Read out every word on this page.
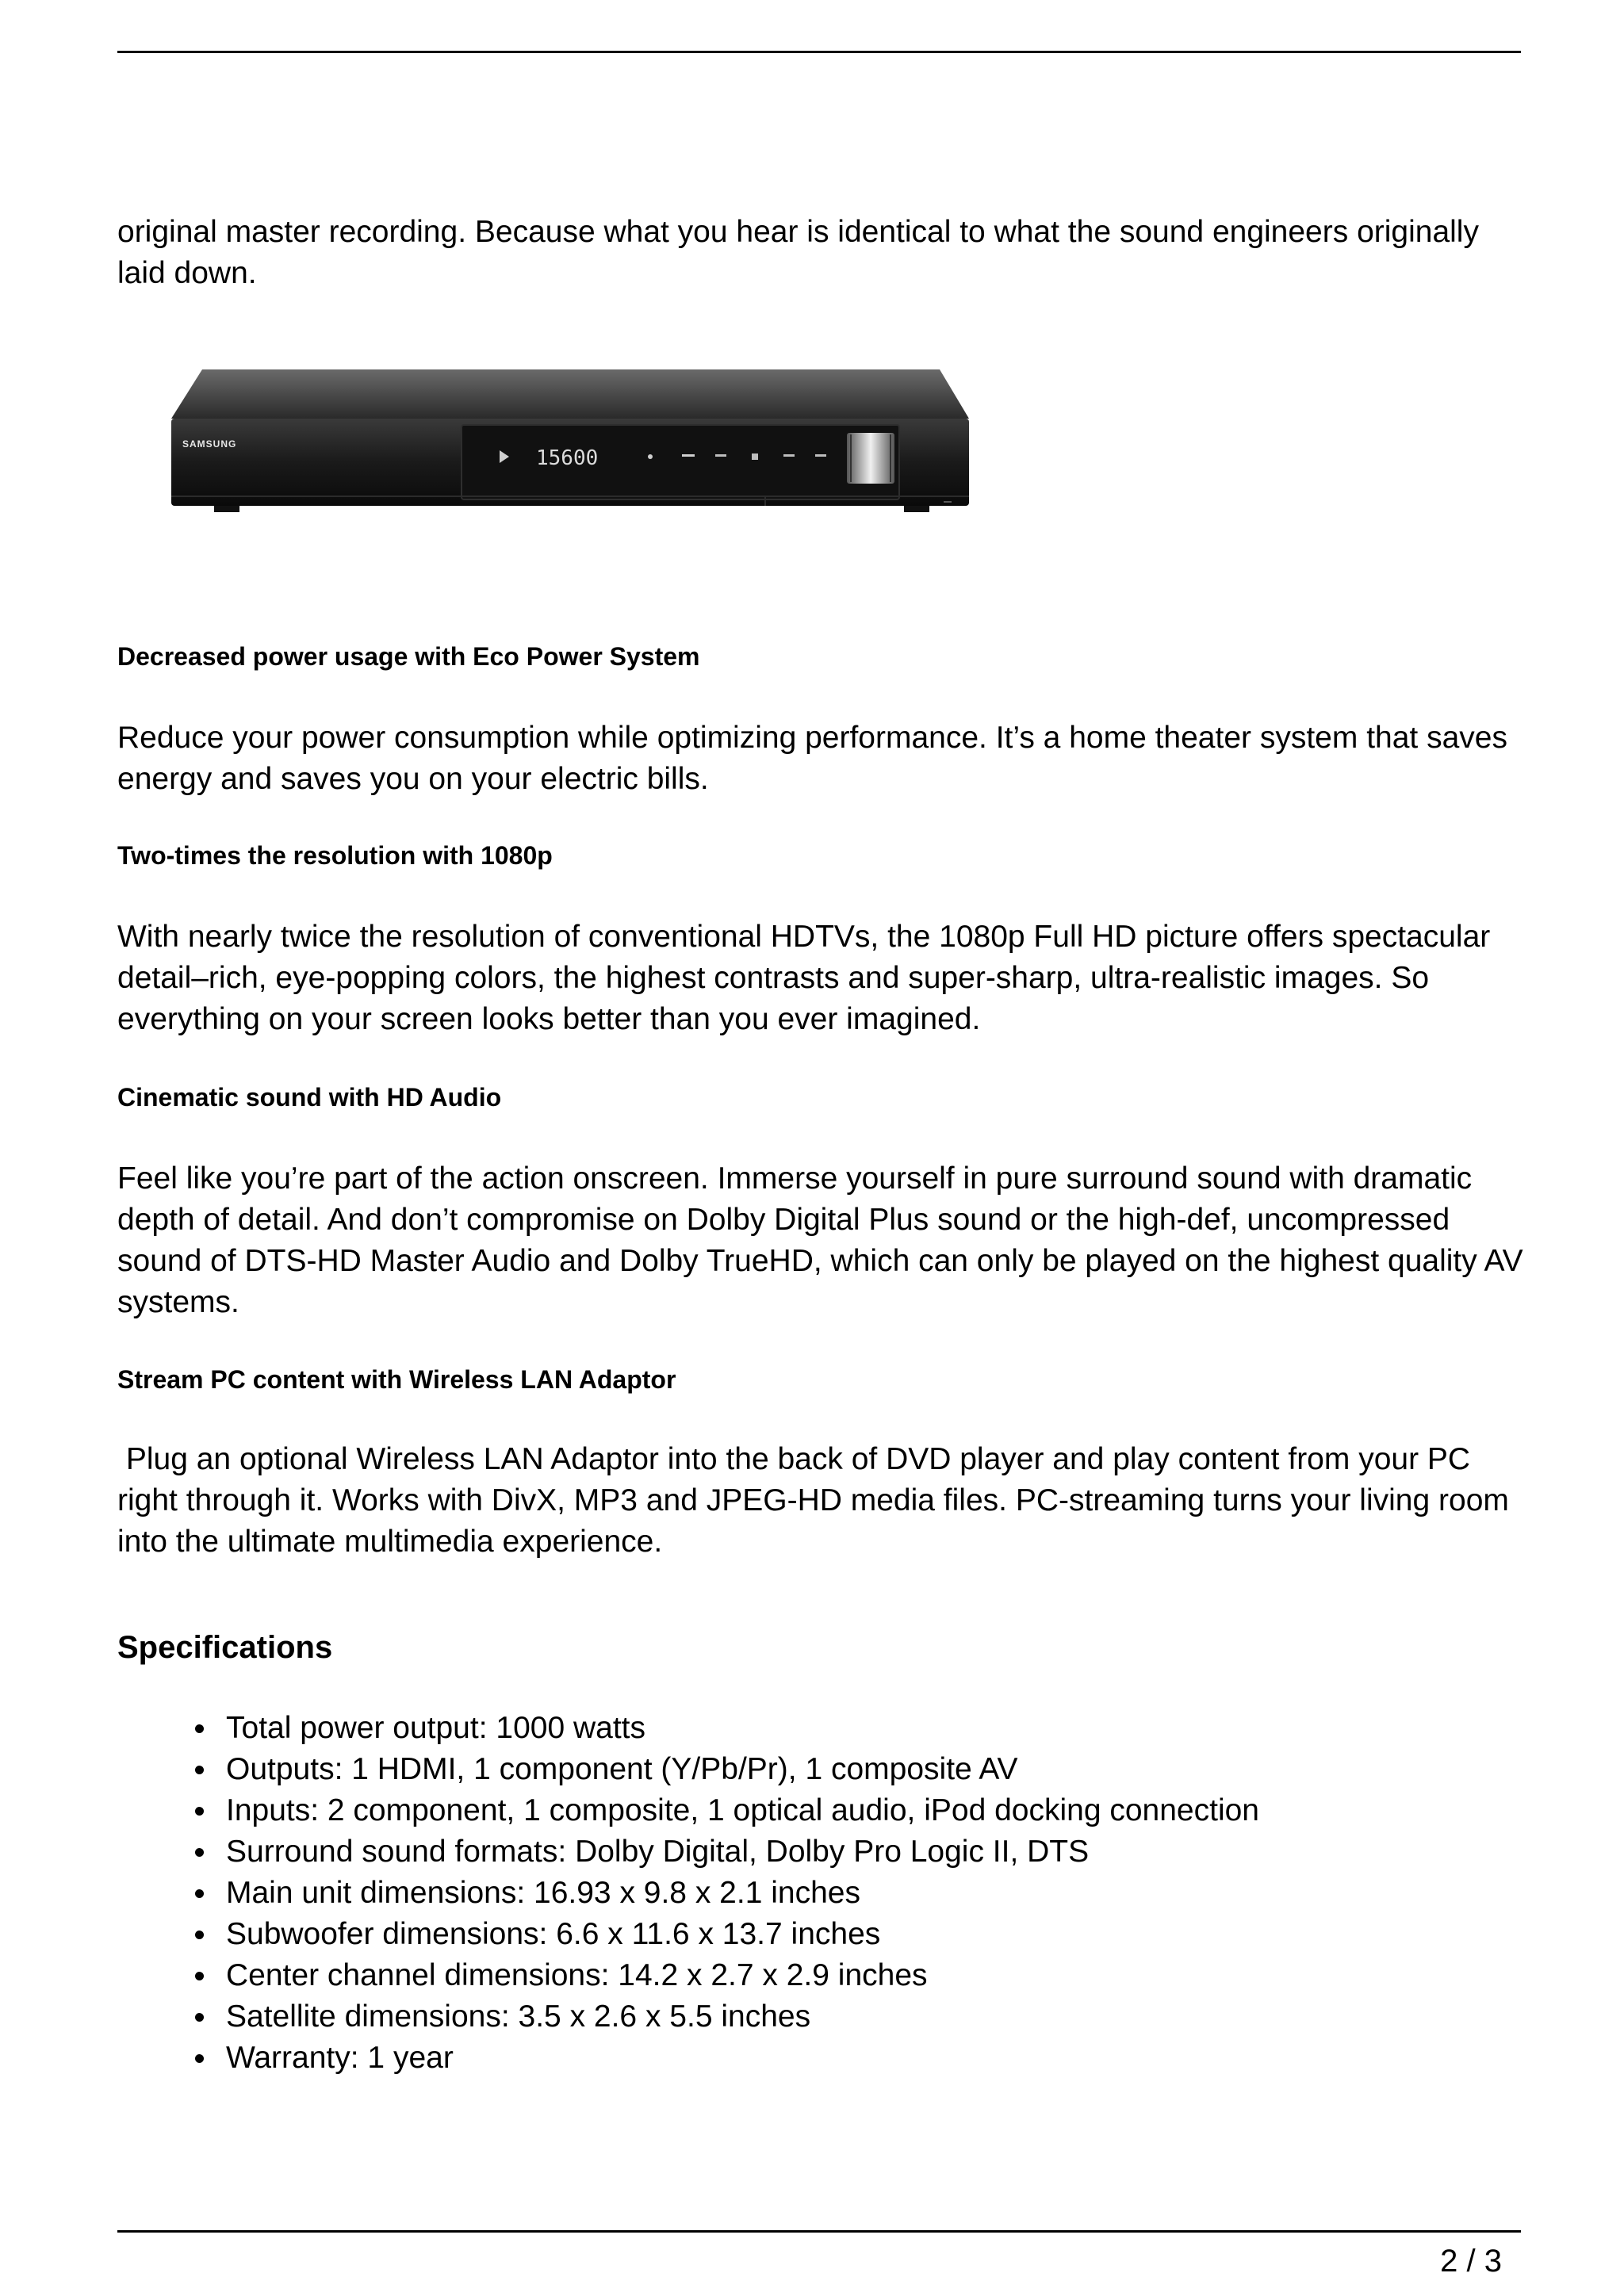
original master recording. Because what you hear is identical to what the sound engineers originally laid down.

SAMSUNG
15600

Decreased power usage with Eco Power System

Reduce your power consumption while optimizing performance. It’s a home theater system that saves energy and saves you on your electric bills.

Two-times the resolution with 1080p

With nearly twice the resolution of conventional HDTVs, the 1080p Full HD picture offers spectacular detail–rich, eye-popping colors, the highest contrasts and super-sharp, ultra-realistic images. So everything on your screen looks better than you ever imagined.

Cinematic sound with HD Audio

Feel like you’re part of the action onscreen. Immerse yourself in pure surround sound with dramatic depth of detail. And don’t compromise on Dolby Digital Plus sound or the high-def, uncompressed sound of DTS-HD Master Audio and Dolby TrueHD, which can only be played on the highest quality AV systems.

Stream PC content with Wireless LAN Adaptor

Plug an optional Wireless LAN Adaptor into the back of DVD player and play content from your PC right through it. Works with DivX, MP3 and JPEG-HD media files. PC-streaming turns your living room into the ultimate multimedia experience.

Specifications

Total power output: 1000 watts
Outputs: 1 HDMI, 1 component (Y/Pb/Pr), 1 composite AV
Inputs: 2 component, 1 composite, 1 optical audio, iPod docking connection
Surround sound formats: Dolby Digital, Dolby Pro Logic II, DTS
Main unit dimensions: 16.93 x 9.8 x 2.1 inches
Subwoofer dimensions: 6.6 x 11.6 x 13.7 inches
Center channel dimensions: 14.2 x 2.7 x 2.9 inches
Satellite dimensions: 3.5 x 2.6 x 5.5 inches
Warranty: 1 year
2 / 3
